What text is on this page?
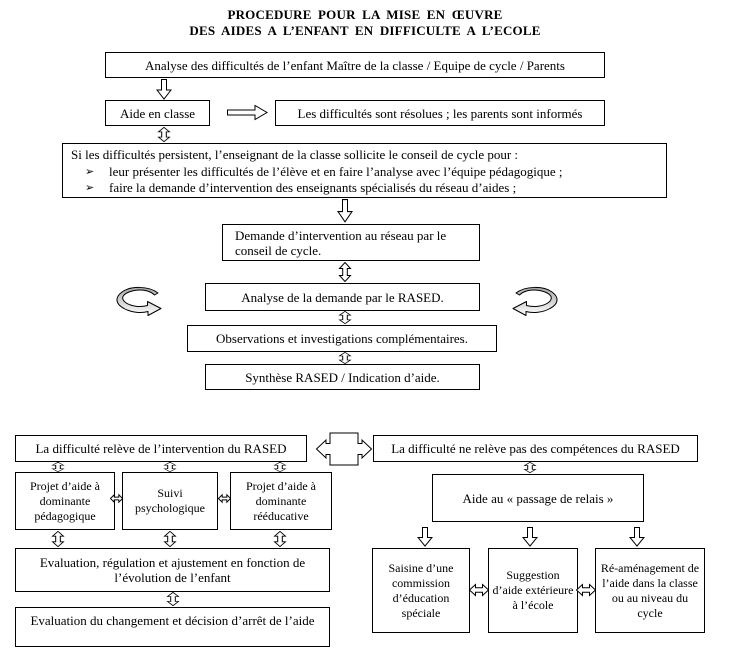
PROCEDURE POUR LA MISE EN ŒUVRE
DES AIDES A L’ENFANT EN DIFFICULTE A L’ECOLE
Analyse des difficultés de l’enfant Maître de la classe / Equipe de cycle / Parents
Aide en classe	Les difficultés sont résolues ; les parents sont informés
Si les difficultés persistent, l’enseignant de la classe sollicite le conseil de cycle pour :
➢	leur présenter les difficultés de l’élève et en faire l’analyse avec l’équipe pédagogique ;
➢	faire la demande d’intervention des enseignants spécialisés du réseau d’aides ;
Demande d’intervention au réseau par le conseil de cycle.
Analyse de la demande par le RASED.
Observations et investigations complémentaires.
Synthèse RASED / Indication d’aide.
La difficulté relève de l’intervention du RASED	La difficulté ne relève pas des compétences du RASED
Projet d’aide à dominante pédagogique
Suivi psychologique
Projet d’aide à dominante rééducative
Evaluation, régulation et ajustement en fonction de l’évolution de l’enfant
Evaluation du changement et décision d’arrêt de l’aide
Aide au « passage de relais »
Saisine d’une commission d’éducation spéciale
Suggestion d’aide extérieure à l’école
Ré-aménagement de l’aide dans la classe ou au niveau du cycle
